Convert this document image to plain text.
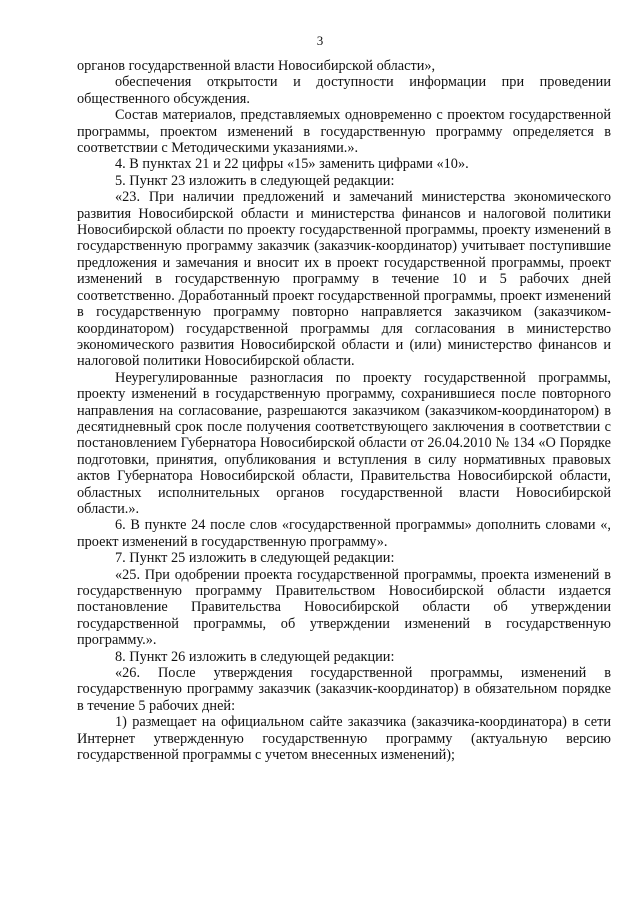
3

органов государственной власти Новосибирской области»,

обеспечения открытости и доступности информации при проведении общественного обсуждения.

Состав материалов, представляемых одновременно с проектом государственной программы, проектом изменений в государственную программу определяется в соответствии с Методическими указаниями.».

4. В пунктах 21 и 22 цифры «15» заменить цифрами «10».

5. Пункт 23 изложить в следующей редакции:

«23. При наличии предложений и замечаний министерства экономического развития Новосибирской области и министерства финансов и налоговой политики Новосибирской области по проекту государственной программы, проекту изменений в государственную программу заказчик (заказчик-координатор) учитывает поступившие предложения и замечания и вносит их в проект государственной программы, проект изменений в государственную программу в течение 10 и 5 рабочих дней соответственно. Доработанный проект государственной программы, проект изменений в государственную программу повторно направляется заказчиком (заказчиком-координатором) государственной программы для согласования в министерство экономического развития Новосибирской области и (или) министерство финансов и налоговой политики Новосибирской области.

Неурегулированные разногласия по проекту государственной программы, проекту изменений в государственную программу, сохранившиеся после повторного направления на согласование, разрешаются заказчиком (заказчиком-координатором) в десятидневный срок после получения соответствующего заключения в соответствии с постановлением Губернатора Новосибирской области от 26.04.2010 № 134 «О Порядке подготовки, принятия, опубликования и вступления в силу нормативных правовых актов Губернатора Новосибирской области, Правительства Новосибирской области, областных исполнительных органов государственной власти Новосибирской области.».

6. В пункте 24 после слов «государственной программы» дополнить словами «, проект изменений в государственную программу».

7. Пункт 25 изложить в следующей редакции:

«25. При одобрении проекта государственной программы, проекта изменений в государственную программу Правительством Новосибирской области издается постановление Правительства Новосибирской области об утверждении государственной программы, об утверждении изменений в государственную программу.».

8. Пункт 26 изложить в следующей редакции:

«26. После утверждения государственной программы, изменений в государственную программу заказчик (заказчик-координатор) в обязательном порядке в течение 5 рабочих дней:

1) размещает на официальном сайте заказчика (заказчика-координатора) в сети Интернет утвержденную государственную программу (актуальную версию государственной программы с учетом внесенных изменений);
